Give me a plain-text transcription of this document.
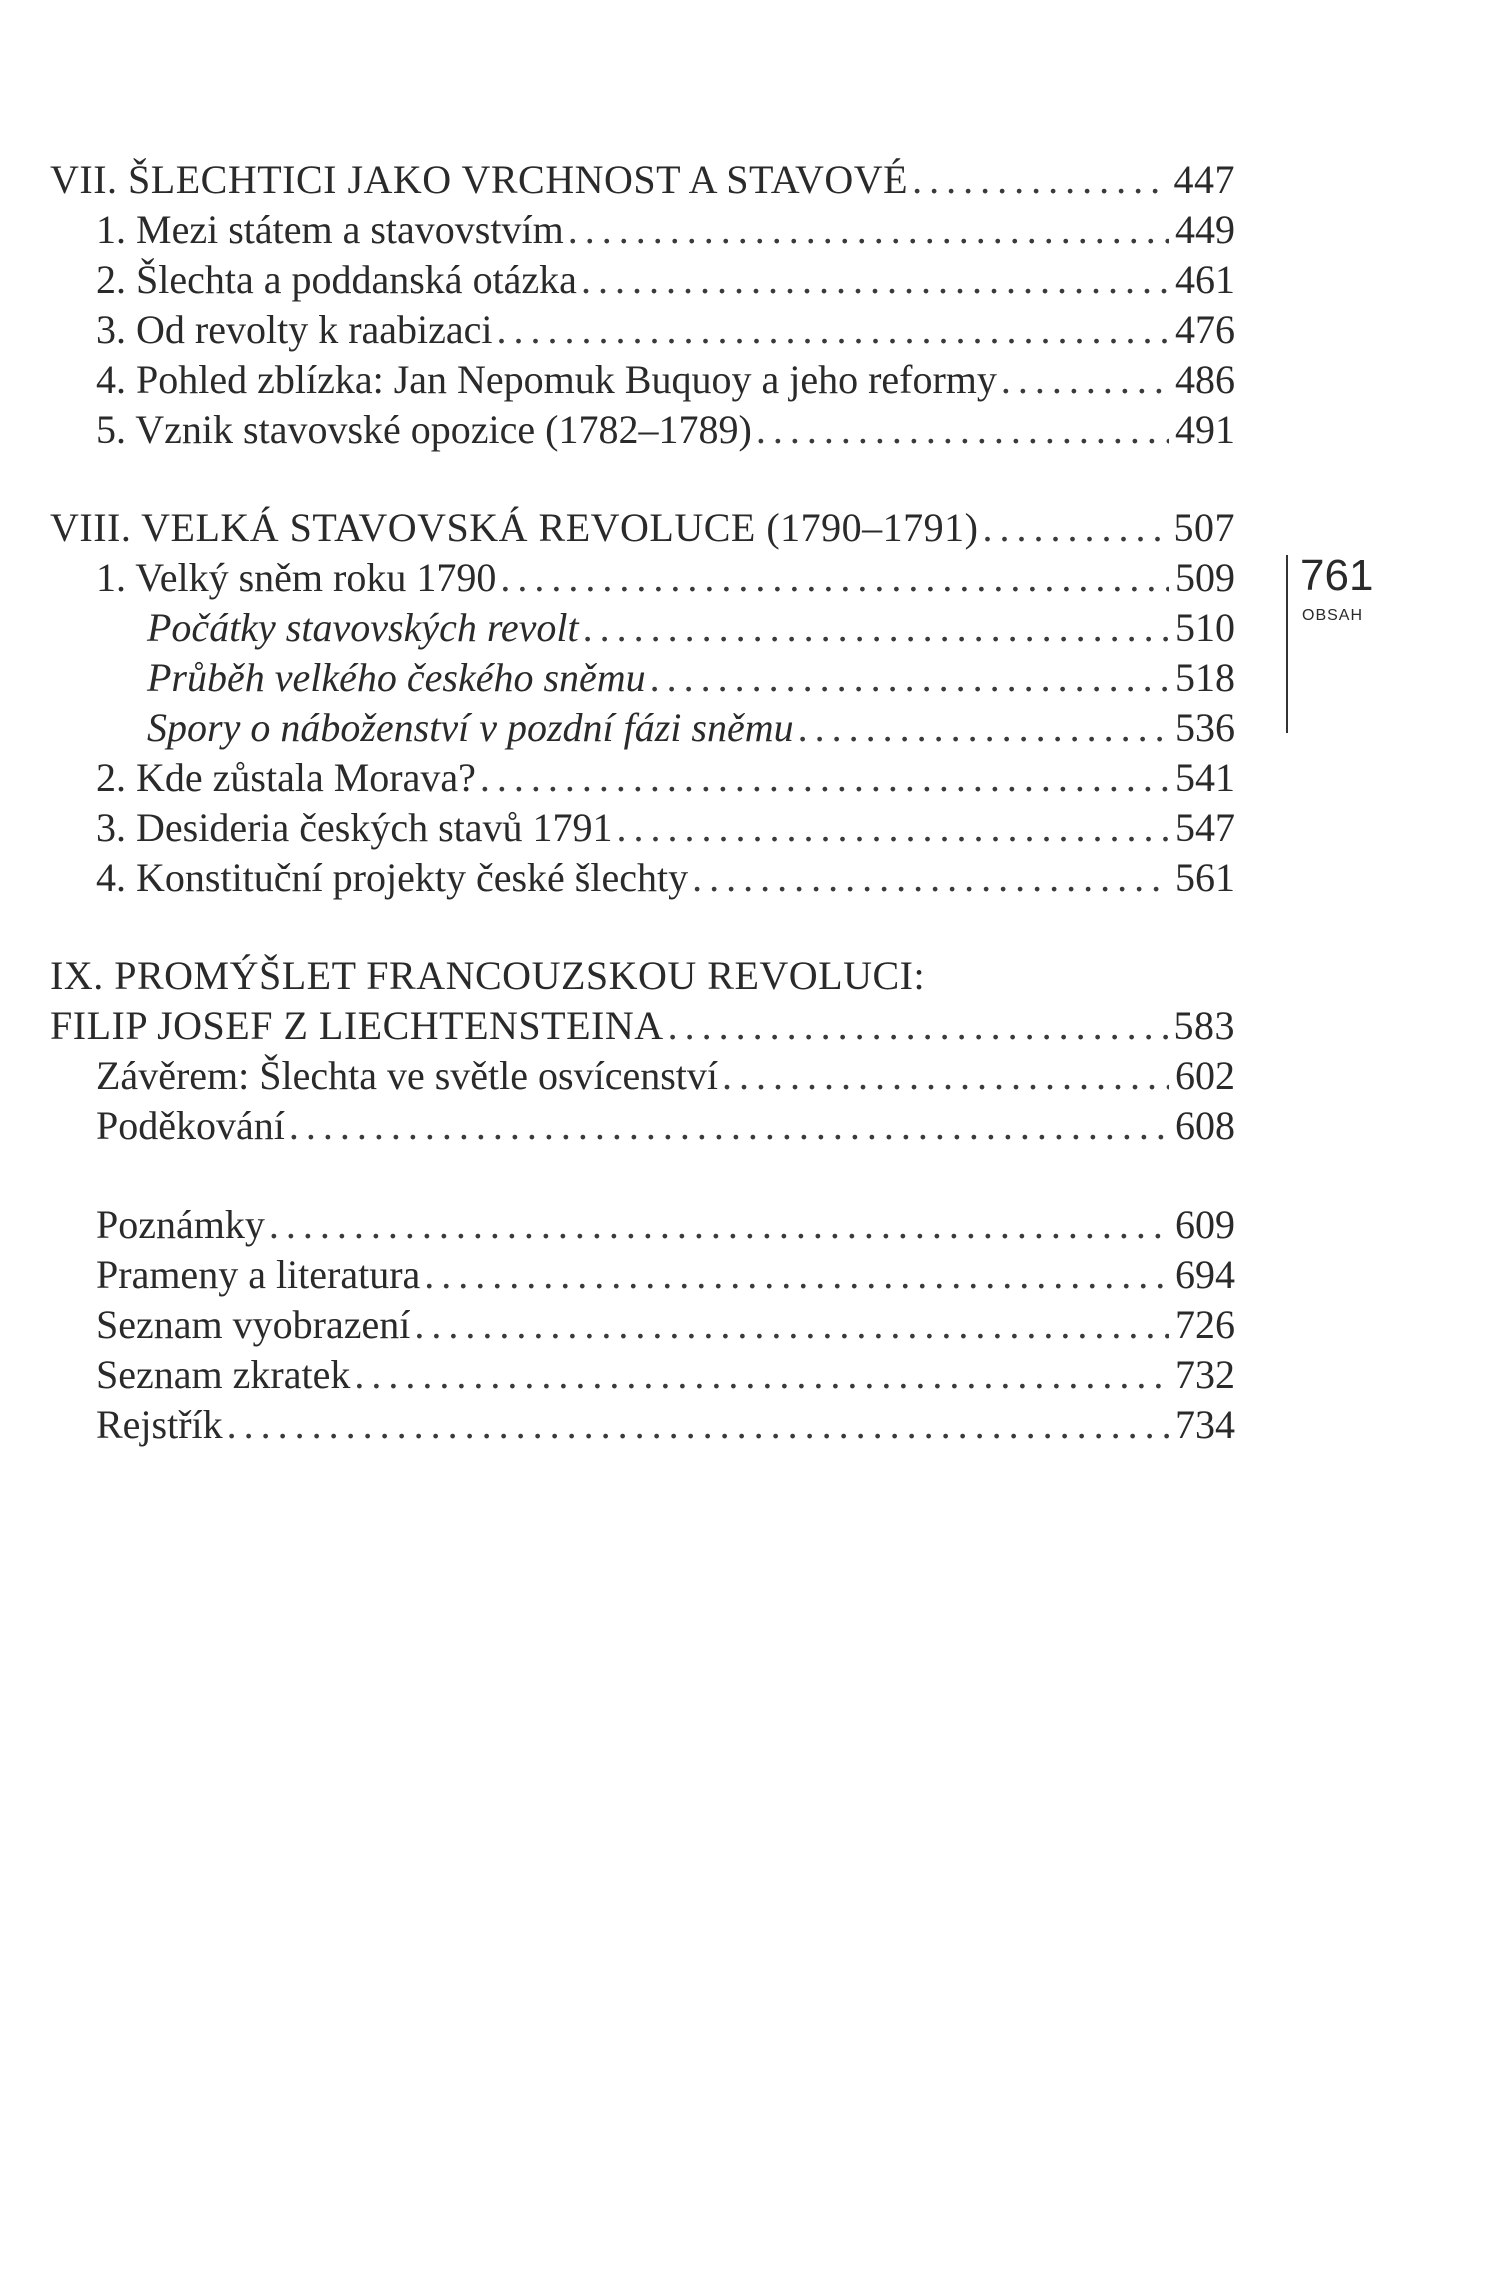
VII. ŠLECHTICI JAKO VRCHNOST A STAVOVÉ . . .	447
1. Mezi státem a stavovstvím . . .	449
2. Šlechta a poddanská otázka . . .	461
3. Od revolty k raabizaci . . .	476
4. Pohled zblízka: Jan Nepomuk Buquoy a jeho reformy . . .	486
5. Vznik stavovské opozice (1782–1789) . . .	491
VIII. VELKÁ STAVOVSKÁ REVOLUCE (1790–1791) . . .	507
1. Velký sněm roku 1790 . . .	509
Počátky stavovských revolt . . .	510
Průběh velkého českého sněmu . . .	518
Spory o náboženství v pozdní fázi sněmu . . .	536
2. Kde zůstala Morava? . . .	541
3. Desideria českých stavů 1791 . . .	547
4. Konstituční projekty české šlechty . . .	561
IX. PROMÝŠLET FRANCOUZSKOU REVOLUCI:
FILIP JOSEF Z LIECHTENSTEINA . . .	583
Závěrem: Šlechta ve světle osvícenství . . .	602
Poděkování . . .	608
Poznámky . . .	609
Prameny a literatura . . .	694
Seznam vyobrazení . . .	726
Seznam zkratek . . .	732
Rejstřík . . .	734
761
OBSAH
